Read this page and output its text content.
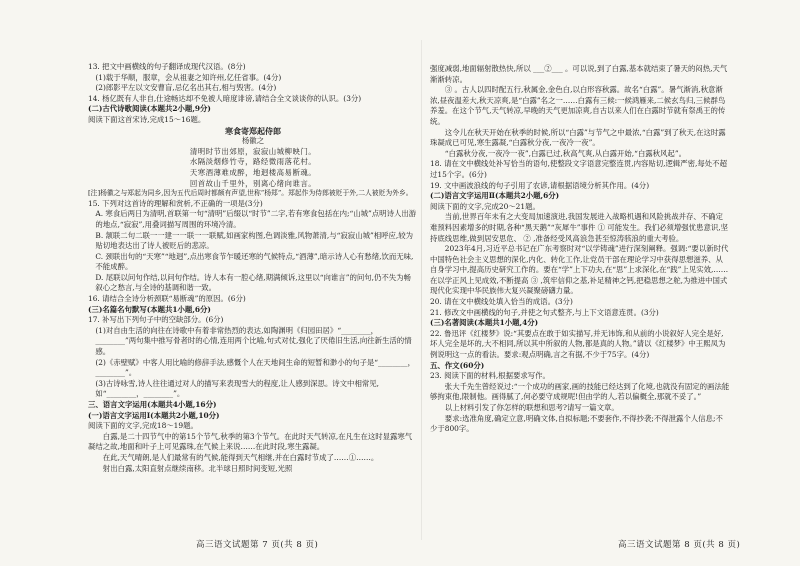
13. 把文中画横线的句子翻译成现代汉语。(8分)

(1)载于华顺，服章，会从祖妻之知许州,亿任省事。(4分)

(2)郎影平左以文安曹盲,忌亿名出其右,相与毁害。(4分)

14. 杨亿既有人非自,仕途畅达却不免被人暗度诽谤,请结合全文谈谈你的认识。(3分)

(二)古代诗歌阅读(本题共2小题,9分)

阅读下面这首宋诗,完成15～16题。

寒食寄郑起侍郎

杨徽之

清明时节出郊原，寂寂山城柳映门。

水隔淡烟修竹寺，路经微雨落花村。

天寒酒薄难成醉，地迥楼高易断魂。

回首故山千里外，别离心绪向谁言。

[注]杨徽之与郑起为同乡,因为五代后周时都颇有声望,世称“杨郑”。郑起作为侍郎被贬于外,二人被贬为外乡。

15. 下列对这首诗的理解和赏析,不正确的一项是(3分)

A. 寒食后两日为清明,首联第一句“清明”后缀以“时节”二字,若有寒食包括在内;“山城”点明诗人出游的地点,“寂寂”,用叠词描写周围的环境冷清。

B. 颔联二句二联一一建一一联一一联赋,如画家构图,色调淡雅,风物萧清,与“寂寂山城”相呼应,较为贴切地表达出了诗人被贬后的悲凉。

C. 颈联出句的“天寒”“地迥”,点出寒食节乍暖还寒的气候特点,“酒薄”,暗示诗人心有愁绪,饮而无味,不能成醉。

D. 尾联以问句作结,以问句作结。诗人本有一腔心绪,期满倾诉,这里以“向谁言”的问句,仍不失为畅叙心之愁言,与全诗的基调和谐一致。

16. 请结合全诗分析颈联“易断魂”的原因。(6分)

(三)名篇名句默写(本题共1小题,6分)

17. 补写出下列句子中的空缺部分。(6分)

(1)对自由生活的向往在诗歌中有着非常热烈的表达,如陶渊明《归园田居》“________，________”两句集中推写骨者时的心情,连用两个比喻,句式对仗,强化了厌倦旧生活,向往新生活的情感。

(2)《赤壁赋》中客人用比喻的修辞手法,感慨个人在天地间生命的短暂和渺小的句子是“________，________”。

(3)古诗咏雪,诗人往往通过对人的描写来表现雪大的程度,让人感到深思。诗文中相常见,如“________，________”。

三、语言文字运用(本题共4小题,16分)

(一)语言文字运用Ⅰ(本题共2小题,10分)

阅读下面的文字,完成18～19题。

白露,是二十四节气中的第15个节气,秋季的第3个节气。在此时天气转凉,在凡生在这时显露寒气凝结之故,地面和叶子上可见露珠,在气候上来说……在此时段,寒生露凝。

在此,天气晴朗,是人们最常有的气候,能得到天气相继,并在白露时节成了……①……。

射出白露,太阳直射点继续南移。北半球日照时间变短,光照

强度减弱,地面辐射散热快,所以 ___②___ 。可以说,到了白露,基本就结束了暑天的闷热,天气渐渐转凉。

③ 。古人以四时配五行,秋属金,金色白,以白形容秋露。故名“白露”。暑气渐消,秋意渐浓,昼夜温差大,秋天凉爽,是“白露”名之一……白露有三候:一候鸿雁来,二候玄鸟归,三候群鸟养羞。在这个节气,天气转凉,早晚的天气更加凉爽,自古以来人们在白露时节就有祭禹王的传统。

这令儿在秋天开始在秋季的时候,所以“白露”与节气之中最浓,“白露”到了秋天,在这时露珠凝成已可见,寒生露凝,“白露秋分夜,一夜冷一夜”。

“白露秋分夜,一夜冷一夜”,白露已过,秋高气爽,从白露开始,“白露秋风起”。

18. 请在文中横线处补写恰当的语句,使整段文字语意完整连贯,内容贴切,逻辑严密,每处不超过15个字。(6分)

19. 文中画波浪线的句子引用了农谚,请根据语境分析其作用。(4分)

(二)语言文字运用Ⅱ(本题共2小题,6分)

阅读下面的文字,完成20～21题。

当前,世界百年未有之大变局加速演进,我国发展进入战略机遇和风险挑战并存、不确定难预料因素增多的时期,各种“黑天鹅”“灰犀牛”事件 ① 可能发生。我们必须增强忧患意识,坚持底线思维,做到居安思危、 ② ,准备经受风高浪急甚至惊涛骇浪的重大考验。

2023年4月,习近平总书记在广东考察时对“以学铸魂”进行深刻阐释。强调:“要以新时代中国特色社会主义思想的深化,内化、转化工作,让党员干部在理论学习中获得思想滋养、从自身学习中,提高历史研究工作的。要在“学”上下功夫,在“思”上求深化,在“践”上见实效,……在以学正风上见成效,不断提高 ③ ,筑牢信仰之基,补足精神之钙,把稳思想之舵,为推进中国式现代化实现中华民族伟大复兴凝聚磅礴力量。

20. 请在文中横线处填入恰当的成语。(3分)

21. 修改文中画横线的句子,并使之句式整齐,与上下文语意连贯。(3分)

(三)名著阅读(本题共1小题,4分)

22. 鲁迅评《红楼梦》说:“其要点在敢于如实描写,并无讳饰,和从前的小说叙好人完全是好,坏人完全是坏的,大不相同,所以其中所叙的人物,都是真的人物。”请以《红楼梦》中王熙凤为例说明这一点的看法。要求:观点明确,言之有据,不少于75字。(4分)

五、作文(60分)

23. 阅读下面的材料,根据要求写作。

张大千先生曾经说过:“一个成功的画家,画的技能已经达到了化境,也就没有固定的画法能够拘束他,限制他。画得腻了,何必要守成规呢!但由学的人,若以偏概全,那就不妥了。”

以上材料引发了你怎样的联想和思考?请写一篇文章。

要求:选准角度,确定立意,明确文体,自拟标题;不要套作,不得抄袭;不得泄露个人信息;不少于800字。

高三语文试题第 7 页(共 8 页)	高三语文试题第 8 页(共 8 页)
